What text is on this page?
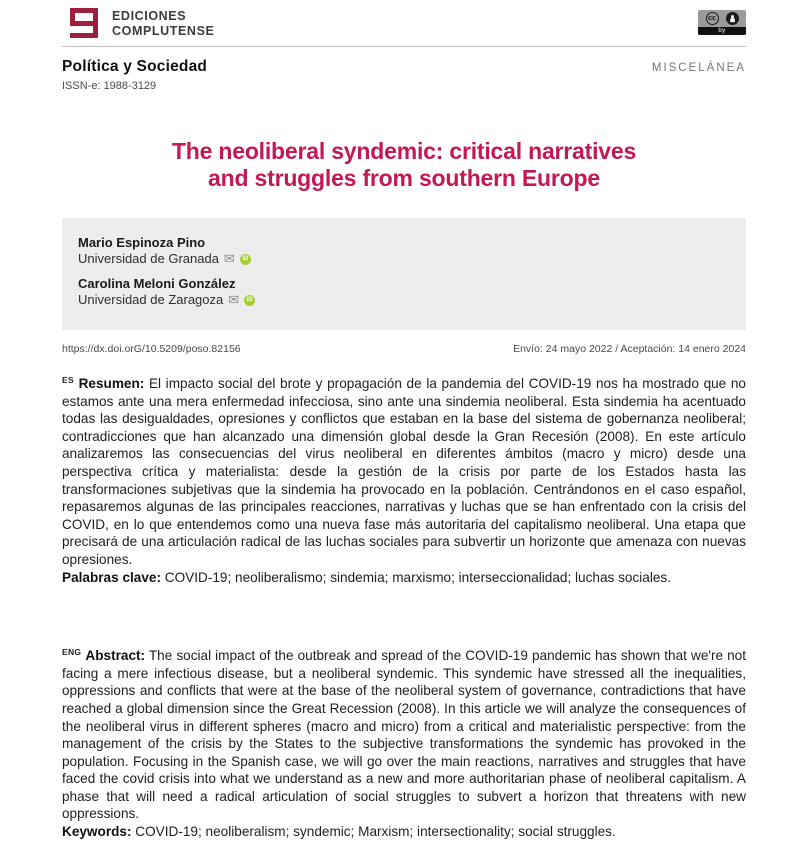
EDICIONES
COMPLUTENSE
cc
by
Política y Sociedad
ISSN-e: 1988-3129
MISCELÁNEA
The neoliberal syndemic: critical narratives
and struggles from southern Europe
Mario Espinoza Pino
Universidad de Granada ✉	iD
Carolina Meloni González
Universidad de Zaragoza ✉	iD
https://dx.doi.orG/10.5209/poso.82156	Envío: 24 mayo 2022 / Aceptación: 14 enero 2024

$^{ES}$ Resumen: El impacto social del brote y propagación de la pandemia del COVID-19 nos ha mostrado que no estamos ante una mera enfermedad infecciosa, sino ante una sindemia neoliberal. Esta sindemia ha acentuado todas las desigualdades, opresiones y conflictos que estaban en la base del sistema de gobernanza neoliberal; contradicciones que han alcanzado una dimensión global desde la Gran Recesión (2008). En este artículo analizaremos las consecuencias del virus neoliberal en diferentes ámbitos (macro y micro) desde una perspectiva crítica y materialista: desde la gestión de la crisis por parte de los Estados hasta las transformaciones subjetivas que la sindemia ha provocado en la población. Centrándonos en el caso español, repasaremos algunas de las principales reacciones, narrativas y luchas que se han enfrentado con la crisis del COVID, en lo que entendemos como una nueva fase más autoritaria del capitalismo neoliberal. Una etapa que precisará de una articulación radical de las luchas sociales para subvertir un horizonte que amenaza con nuevas opresiones.

Palabras clave: COVID-19; neoliberalismo; sindemia; marxismo; interseccionalidad; luchas sociales.

$^{ENG}$ Abstract: The social impact of the outbreak and spread of the COVID-19 pandemic has shown that we're not facing a mere infectious disease, but a neoliberal syndemic. This syndemic have stressed all the inequalities, oppressions and conflicts that were at the base of the neoliberal system of governance, contradictions that have reached a global dimension since the Great Recession (2008). In this article we will analyze the consequences of the neoliberal virus in different spheres (macro and micro) from a critical and materialistic perspective: from the management of the crisis by the States to the subjective transformations the syndemic has provoked in the population. Focusing in the Spanish case, we will go over the main reactions, narratives and struggles that have faced the covid crisis into what we understand as a new and more authoritarian phase of neoliberal capitalism. A phase that will need a radical articulation of social struggles to subvert a horizon that threatens with new oppressions.

Keywords: COVID-19; neoliberalism; syndemic; Marxism; intersectionality; social struggles.
